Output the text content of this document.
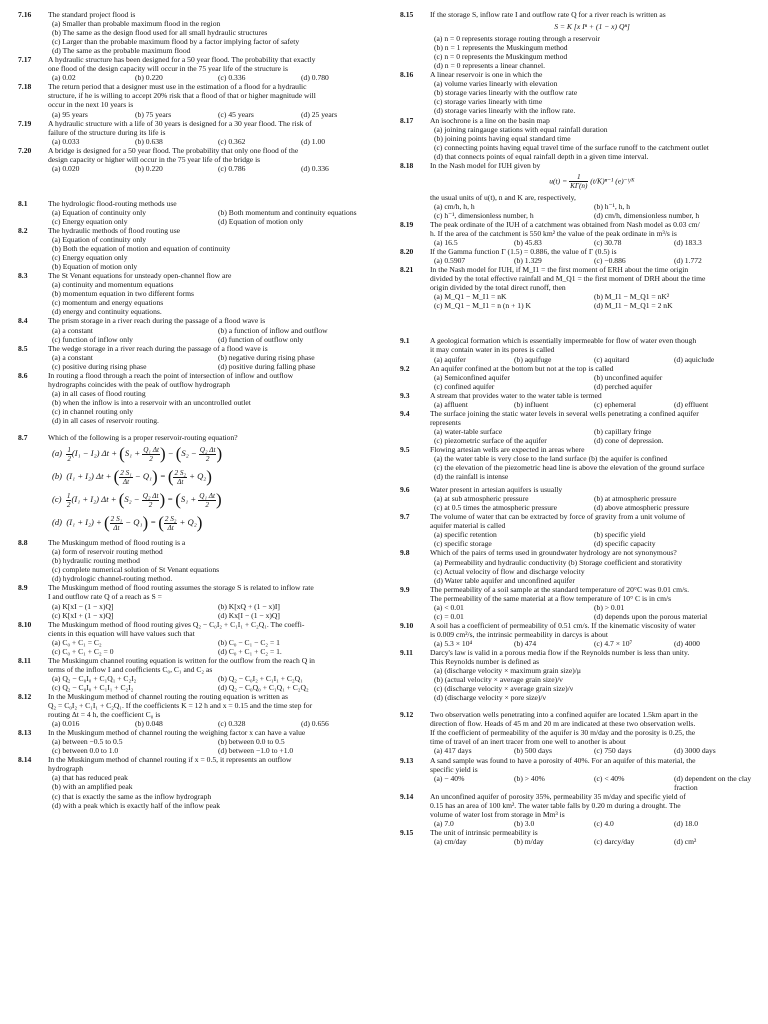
7.16 The standard project flood is
(a) Smaller than probable maximum flood in the region
(b) The same as the design flood used for all small hydraulic structures
(c) Larger than the probable maximum flood by a factor implying factor of safety
(d) The same as the probable maximum flood
7.17 A hydraulic structure has been designed for a 50 year flood. The probability that exactly
one flood of the design capacity will occur in the 75 year life of the structure is
(a) 0.02	(b) 0.220	(c) 0.336	(d) 0.780
7.18 The return period that a designer must use in the estimation of a flood for a hydraulic
structure, if he is willing to accept 20% risk that a flood of that or higher magnitude will
occur in the next 10 years is
(a) 95 years	(b) 75 years	(c) 45 years	(d) 25 years
7.19 A hydraulic structure with a life of 30 years is designed for a 30 year flood. The risk of
failure of the structure during its life is
(a) 0.033	(b) 0.638	(c) 0.362	(d) 1.00
7.20 A bridge is designed for a 50 year flood. The probability that only one flood of the
design capacity or higher will occur in the 75 year life of the bridge is
(a) 0.020	(b) 0.220	(c) 0.786	(d) 0.336
8.1	The hydrologic flood-routing methods use
(a) Equation of continuity only	(b) Both momentum and continuity equations
(c) Energy equation only	(d) Equation of motion only
8.2	The hydraulic methods of flood routing use
(a) Equation of continuity only
(b) Both the equation of motion and equation of continuity
(c) Energy equation only
(b) Equation of motion only
8.3	The St Venant equations for unsteady open-channel flow are
(a) continuity and momentum equations
(b) momentum equation in two different forms
(c) momentum and energy equations
(d) energy and continuity equations.
8.4	The prism storage in a river reach during the passage of a flood wave is
(a) a constant	(b) a function of inflow and outflow
(c) function of inflow only	(d) function of outflow only
8.5	The wedge storage in a river reach during the passage of a flood wave is
(a) a constant	(b) negative during rising phase
(c) positive during rising phase	(d) positive during falling phase
8.6	In routing a flood through a reach the point of intersection of inflow and outflow
hydrographs coincides with the peak of outflow hydrograph
(a) in all cases of flood routing
(b) when the inflow is into a reservoir with an uncontrolled outlet
(c) in channel routing only
(d) in all cases of reservoir routing.
8.7	Which of the following is a proper reservoir-routing equation?
$(a) \frac{1}{2} (I_1 - I_2) \Delta t + (S_1 + \frac{\text{Q₁ Δt}}{2}$ ) − ($S_2 - \frac{\text{Q₂ Δt}}{2}$ )
(b)  (I₁ + I₂) Δt + ( $\frac{\text{2 S₁}}{\Delta t} - Q_1$) = ( $\frac{\text{2 S₂}}{\Delta t} + Q_2$)
$(c) \frac{1}{2} (I_1 + I_2) \Delta t + (S_2 - \frac{\text{Q₂ Δt}}{2}$ ) = ($S_1 + \frac{\text{Q₁ Δt}}{2}$ )
(d)  (I₁ + I₂) + ( $\frac{\text{2 S₁}}{\Delta t} - Q_1$) = ( $\frac{\text{2 S₂}}{\Delta t} + Q_2$)
8.8	The Muskingum method of flood routing is a
(a) form of reservoir routing method
(b) hydraulic routing method
(c) complete numerical solution of St Venant equations
(d) hydrologic channel-routing method.
8.9	The Muskingum method of flood routing assumes the storage S is related to inflow rate
I and outflow rate Q of a reach as S =
(a) K[xI − (1 − x)Q]	(b) K[xQ + (1 − x)I]
(c) K[xI + (1 − x)Q]	(d) Kx[I − (1 − x)Q]
8.10 The Muskingum method of flood routing gives Q₂ − C₀I₂ + C₁I₁ + C₂Q₁. The coeffi-
cients in this equation will have values such that
(a) C₀ + C₁ = C₂	(b) C₀ − C₁ − C₂ = 1
(c) C₀ + C₁ + C₂ = 0	(d) C₀ + C₁ + C₂ = 1.
8.11 The Muskingum channel routing equation is written for the outflow from the reach Q in
terms of the inflow I and coefficients C₀, C₁ and C₂ as
(a) Q₂ − C₀I₀ + C₁Q₁ + C₂I₂	(b) Q₂ − C₀I₂ + C₁I₁ + C₂Q₁
(c) Q₂ − C₀I₀ + C₁I₁ + C₂I₂	(d) Q₂ − C₀Q₀ + C₁Q₁ + C₂Q₂
8.12 In the Muskingum method of channel routing the routing equation is written as
Q₂ = C₀I₂ + C₁I₁ + C₂Q₁. If the coefficients K = 12 h and x = 0.15 and the time step for
routing Δt = 4 h, the coefficient C₀ is
(a) 0.016	(b) 0.048	(c) 0.328	(d) 0.656
8.13 In the Muskingum method of channel routing the weighing factor x can have a value
(a) between −0.5 to 0.5	(b) between 0.0 to 0.5
(c) between 0.0 to 1.0	(d) between −1.0 to +1.0
8.14 In the Muskingum method of channel routing if x = 0.5, it represents an outflow
hydrograph
(a) that has reduced peak
(b) with an amplified peak
(c) that is exactly the same as the inflow hydrograph
(d) with a peak which is exactly half of the inflow peak
8.15 If the storage S, inflow rate I and outflow rate Q for a river reach is written as
S = K [x Iⁿ + (1 − x) Qⁿ]
(a) n = 0 represents storage routing through a reservoir
(b) n = 1 represents the Muskingum method
(c) n = 0 represents the Muskingum method
(d) n = 0 represents a linear channel.
8.16 A linear reservoir is one in which the
(a) volume varies linearly with elevation
(b) storage varies linearly with the outflow rate
(c) storage varies linearly with time
(d) storage varies linearly with the inflow rate.
8.17 An isochrone is a line on the basin map
(a) joining raingauge stations with equal rainfall duration
(b) joining points having equal standard time
(c) connecting points having equal travel time of the surface runoff to the catchment outlet
(d) that connects points of equal rainfall depth in a given time interval.
8.18 In the Nash model for IUH given by
$u(t) = \frac{1}{K\Gamma(n)} (t/K)^{n-1}$ (e)⁻ᵗ/ᴷ
the usual units of u(t), n and K are, respectively,
(a) cm/h, h, h	(b) h⁻¹, h, h
(c) h⁻¹, dimensionless number, h	(d) cm/h, dimensionless number, h
8.19 The peak ordinate of the IUH of a catchment was obtained from Nash model as 0.03 cm/
h. If the area of the catchment is 550 km² the value of the peak ordinate in m³/s is
(a) 16.5	(b) 45.83	(c) 30.78	(d) 183.3
8.20 If the Gamma function Γ (1.5) = 0.886, the value of Γ (0.5) is
(a) 0.5907	(b) 1.329	(c) −0.886	(d) 1.772
8.21 In the Nash model for IUH, if M_I1 = the first moment of ERH about the time origin
divided by the total effective rainfall and M_Q1 = the first moment of DRH about the time
origin divided by the total direct runoff, then
(a) M_Q1 − M_I1 = nK	(b) M_I1 − M_Q1 = nK²
(c) M_Q1 − M_I1 = n (n + 1) K	(d) M_I1 − M_Q1 = 2 nK
9.1	A geological formation which is essentially impermeable for flow of water even though
it may contain water in its pores is called
(a) aquifer	(b) aquifuge	(c) aquitard	(d) aquiclude
9.2	An aquifer confined at the bottom but not at the top is called
(a) Semiconfined aquifer	(b) unconfined aquifer
(c) confined aquifer	(d) perched aquifer
9.3	A stream that provides water to the water table is termed
(a) affluent	(b) influent	(c) ephemeral	(d) effluent
9.4	The surface joining the static water levels in several wells penetrating a confined aquifer
represents
(a) water-table surface	(b) capillary fringe
(c) piezometric surface of the aquifer	(d) cone of depression.
9.5	Flowing artesian wells are expected in areas where
(a) the water table is very close to the land surface (b) the aquifer is confined
(c) the elevation of the piezometric head line is above the elevation of the ground surface
(d) the rainfall is intense
9.6	Water present in artesian aquifers is usually
(a) at sub atmospheric pressure	(b) at atmospheric pressure
(c) at 0.5 times the atmospheric pressure	(d) above atmospheric pressure
9.7	The volume of water that can be extracted by force of gravity from a unit volume of
aquifer material is called
(a) specific retention	(b) specific yield
(c) specific storage	(d) specific capacity
9.8	Which of the pairs of terms used in groundwater hydrology are not synonymous?
(a) Permeability and hydraulic conductivity (b) Storage coefficient and storativity
(c) Actual velocity of flow and discharge velocity
(d) Water table aquifer and unconfined aquifer
9.9	The permeability of a soil sample at the standard temperature of 20°C was 0.01 cm/s.
The permeability of the same material at a flow temperature of 10° C is in cm/s
(a) < 0.01	(b) > 0.01
(c) = 0.01	(d) depends upon the porous material
9.10 A soil has a coefficient of permeability of 0.51 cm/s. If the kinematic viscosity of water
is 0.009 cm²/s, the intrinsic permeability in darcys is about
(a) 5.3 × 10⁴	(b) 474	(c) 4.7 × 10⁷	(d) 4000
9.11 Darcy's law is valid in a porous media flow if the Reynolds number is less than unity.
This Reynolds number is defined as
(a) (discharge velocity × maximum grain size)/μ
(b) (actual velocity × average grain size)/ν
(c) (discharge velocity × average grain size)/ν
(d) (discharge velocity × pore size)/ν
9.12 Two observation wells penetrating into a confined aquifer are located 1.5km apart in the
direction of flow. Heads of 45 m and 20 m are indicated at these two observation wells.
If the coefficient of permeability of the aquifer is 30 m/day and the porosity is 0.25, the
time of travel of an inert tracer from one well to another is about
(a) 417 days	(b) 500 days	(c) 750 days	(d) 3000 days
9.13 A sand sample was found to have a porosity of 40%. For an aquifer of this material, the
specific yield is
(a) − 40%	(b) > 40%	(c) < 40%	(d) dependent on the clay fraction
9.14 An unconfined aquifer of porosity 35%, permeability 35 m/day and specific yield of
0.15 has an area of 100 km². The water table falls by 0.20 m during a drought. The
volume of water lost from storage in Mm³ is
(a) 7.0	(b) 3.0	(c) 4.0	(d) 18.0
9.15 The unit of intrinsic permeability is
(a) cm/day	(b) m/day	(c) darcy/day	(d) cm²
